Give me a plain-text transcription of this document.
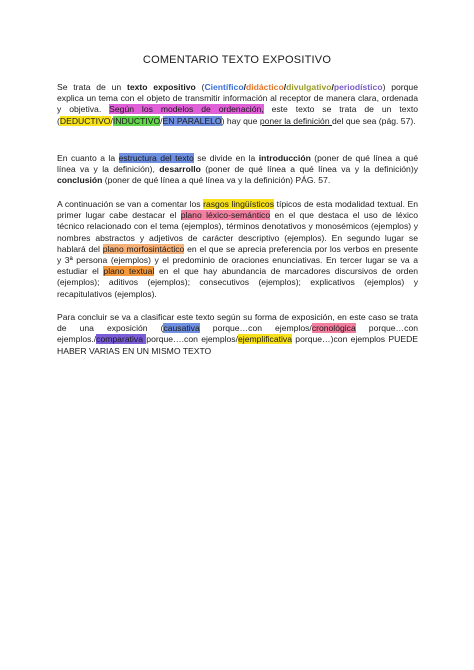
COMENTARIO TEXTO EXPOSITIVO

Se trata de un texto expositivo (Científico/didáctico/divulgativo/periodístico) porque explica un tema con el objeto de transmitir información al receptor de manera clara, ordenada y objetiva. Según los modelos de ordenación, este texto se trata de un texto (DEDUCTIVO/INDUCTIVO/EN PARALELO) hay que poner la definición del que sea (pág. 57).

En cuanto a la estructura del texto se divide en la introducción (poner de qué línea a qué línea va y la definición), desarrollo (poner de qué línea a qué línea va y la definición)y conclusión (poner de qué línea a qué línea va y la definición) PÁG. 57.

A continuación se van a comentar los rasgos lingüísticos típicos de esta modalidad textual. En primer lugar cabe destacar el plano léxico-semántico en el que destaca el uso de léxico técnico relacionado con el tema (ejemplos), términos denotativos y monosémicos (ejemplos) y nombres abstractos y adjetivos de carácter descriptivo (ejemplos). En segundo lugar se hablará del plano morfosintáctico en el que se aprecia preferencia por los verbos en presente y 3ª persona (ejemplos) y el predominio de oraciones enunciativas. En tercer lugar se va a estudiar el plano textual en el que hay abundancia de marcadores discursivos de orden (ejemplos); aditivos (ejemplos); consecutivos (ejemplos); explicativos (ejemplos) y recapitulativos (ejemplos).

Para concluir se va a clasificar este texto según su forma de exposición, en este caso se trata de una exposición (causativa porque…con ejemplos/cronológica porque…con ejemplos./comparativa porque….con ejemplos/ejemplificativa porque…)con ejemplos PUEDE HABER VARIAS EN UN MISMO TEXTO
